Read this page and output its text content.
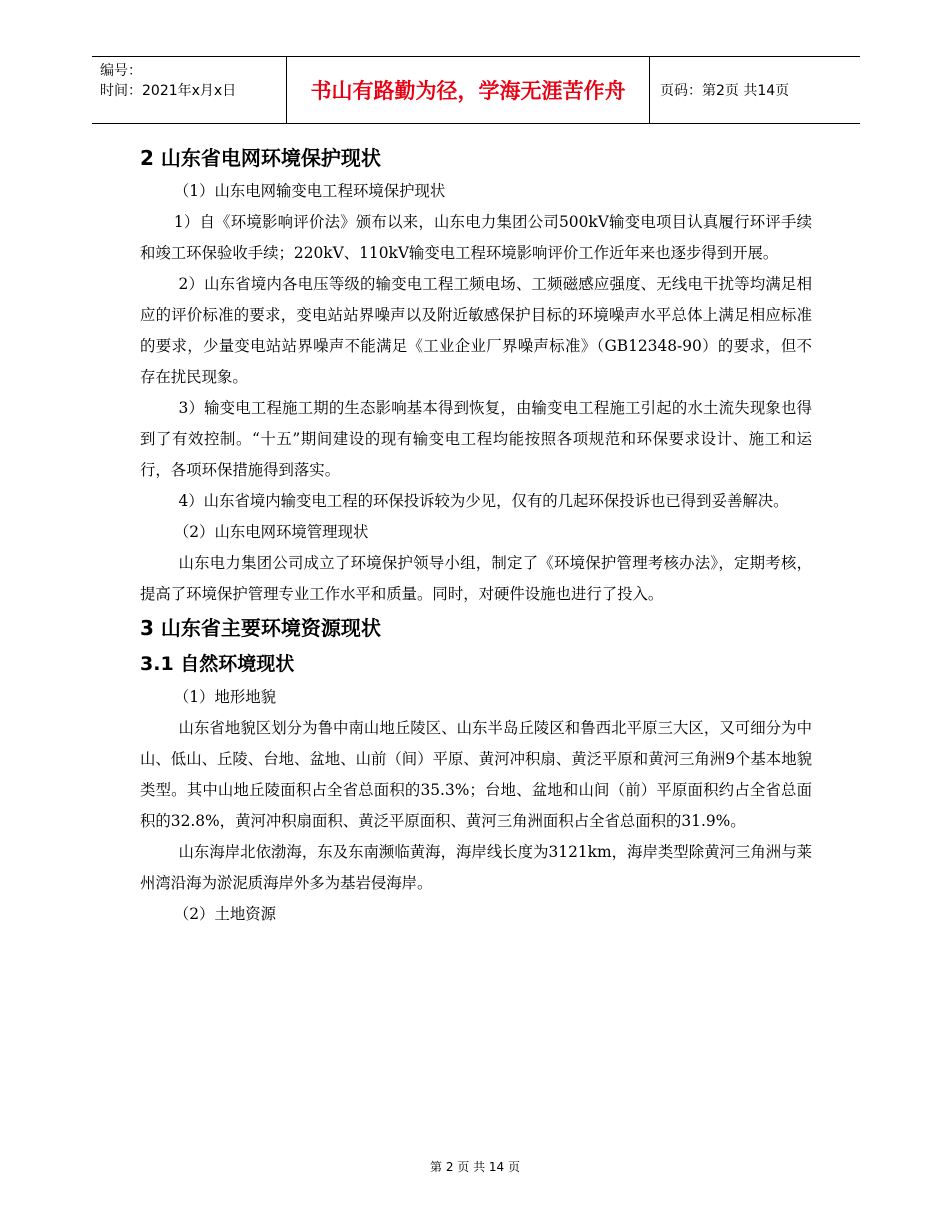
编号：
时间：2021年x月x日	书山有路勤为径，学海无涯苦作舟	页码：第2页 共14页
2 山东省电网环境保护现状

（1）山东电网输变电工程环境保护现状

1）自《环境影响评价法》颁布以来，山东电力集团公司500kV输变电项目认真履行环评手续和竣工环保验收手续；220kV、110kV输变电工程环境影响评价工作近年来也逐步得到开展。

2）山东省境内各电压等级的输变电工程工频电场、工频磁感应强度、无线电干扰等均满足相应的评价标准的要求，变电站站界噪声以及附近敏感保护目标的环境噪声水平总体上满足相应标准的要求，少量变电站站界噪声不能满足《工业企业厂界噪声标准》（GB12348-90）的要求，但不存在扰民现象。

3）输变电工程施工期的生态影响基本得到恢复，由输变电工程施工引起的水土流失现象也得到了有效控制。“十五”期间建设的现有输变电工程均能按照各项规范和环保要求设计、施工和运行，各项环保措施得到落实。

4）山东省境内输变电工程的环保投诉较为少见，仅有的几起环保投诉也已得到妥善解决。

（2）山东电网环境管理现状

山东电力集团公司成立了环境保护领导小组，制定了《环境保护管理考核办法》，定期考核，提高了环境保护管理专业工作水平和质量。同时，对硬件设施也进行了投入。

3 山东省主要环境资源现状
3.1 自然环境现状

（1）地形地貌

山东省地貌区划分为鲁中南山地丘陵区、山东半岛丘陵区和鲁西北平原三大区，又可细分为中山、低山、丘陵、台地、盆地、山前（间）平原、黄河冲积扇、黄泛平原和黄河三角洲9个基本地貌类型。其中山地丘陵面积占全省总面积的35.3%；台地、盆地和山间（前）平原面积约占全省总面积的32.8%，黄河冲积扇面积、黄泛平原面积、黄河三角洲面积占全省总面积的31.9%。

山东海岸北依渤海，东及东南濒临黄海，海岸线长度为3121km，海岸类型除黄河三角洲与莱州湾沿海为淤泥质海岸外多为基岩侵海岸。

（2）土地资源

第 2 页 共 14 页
